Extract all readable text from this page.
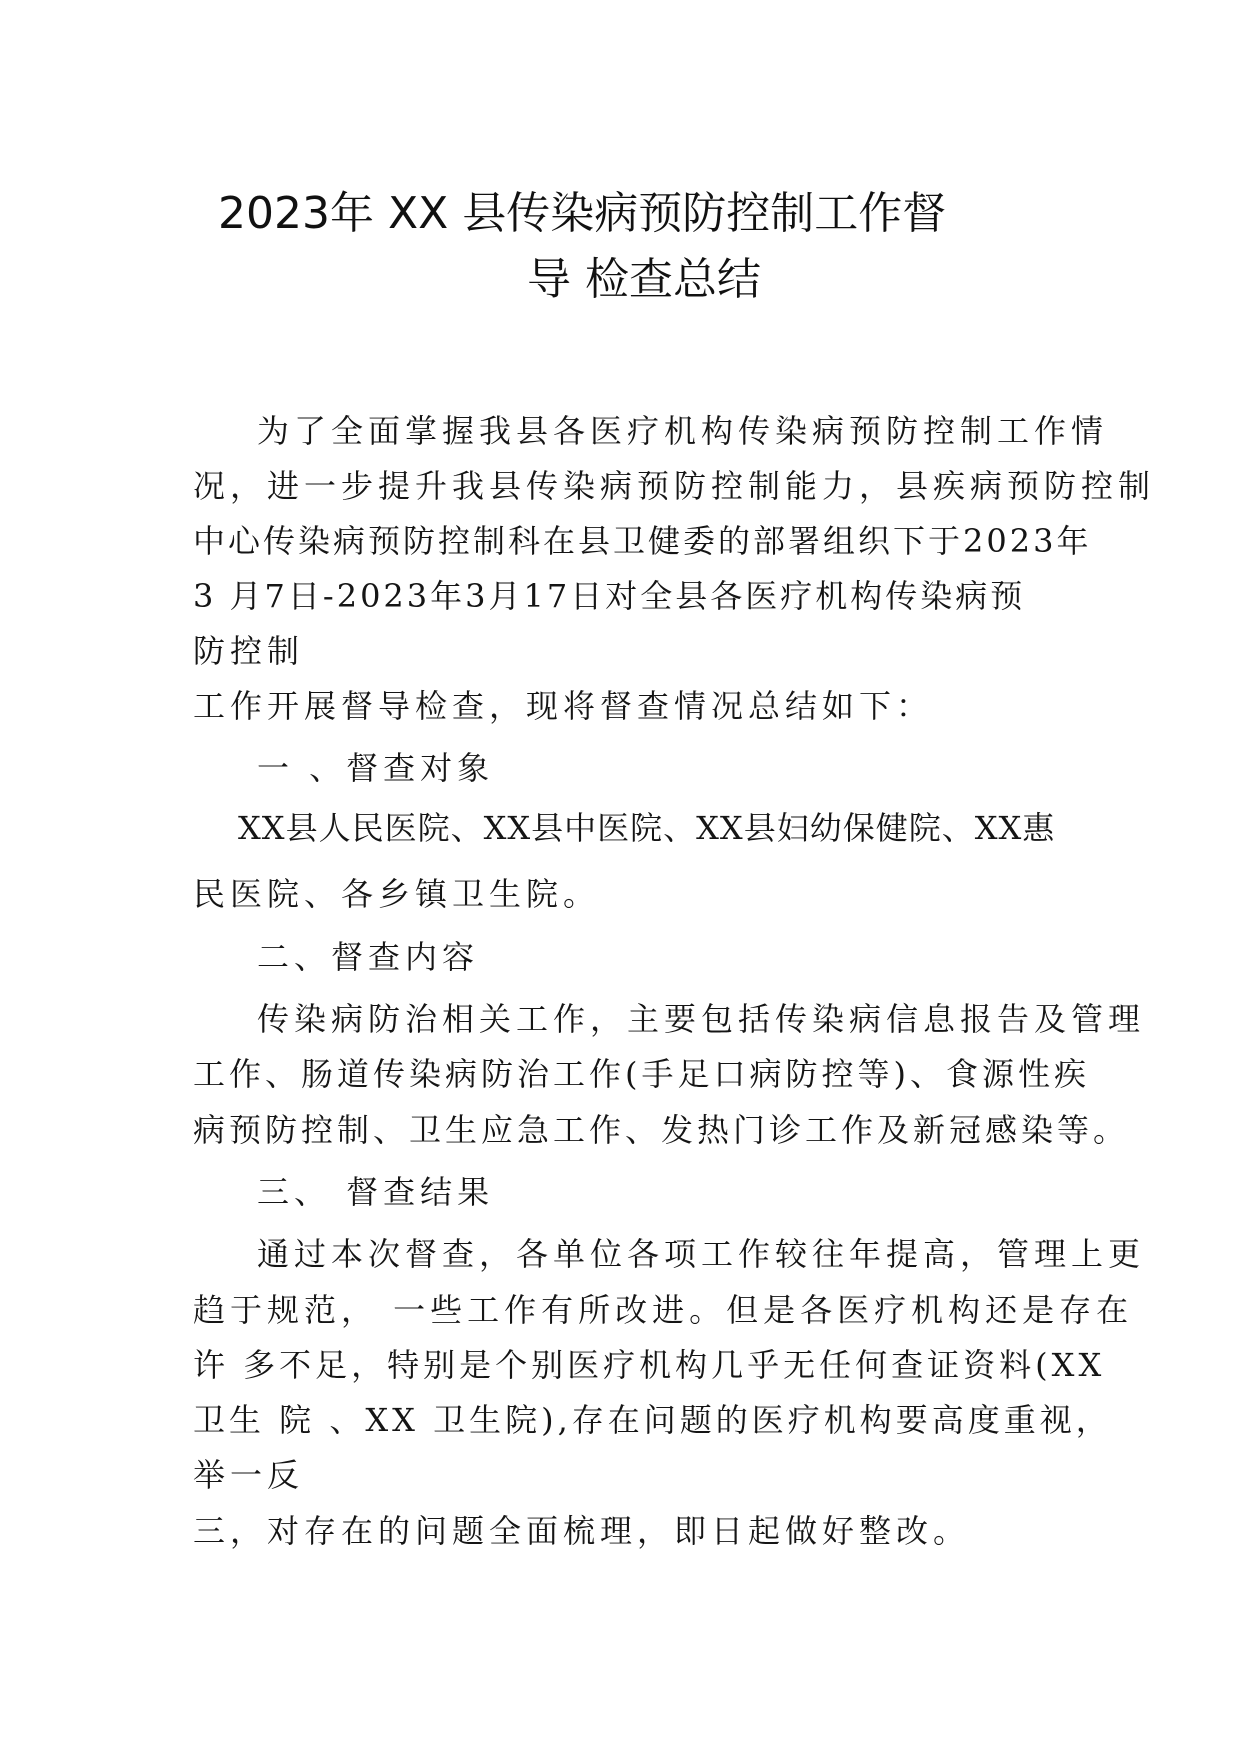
2023年 XX 县传染病预防控制工作督
导 检查总结
为了全面掌握我县各医疗机构传染病预防控制工作情
况，进一步提升我县传染病预防控制能力，县疾病预防控制
中心传染病预防控制科在县卫健委的部署组织下于2023年
3 月7日-2023年3月17日对全县各医疗机构传染病预
防控制
工作开展督导检查，现将督查情况总结如下：
一 、督查对象
XX县人民医院、XX县中医院、XX县妇幼保健院、XX惠
民医院、各乡镇卫生院。
二、督查内容
传染病防治相关工作，主要包括传染病信息报告及管理
工作、肠道传染病防治工作(手足口病防控等)、食源性疾
病预防控制、卫生应急工作、发热门诊工作及新冠感染等。
三、 督查结果
通过本次督查，各单位各项工作较往年提高，管理上更
趋于规范， 一些工作有所改进。但是各医疗机构还是存在
许 多不足，特别是个别医疗机构几乎无任何查证资料(XX
卫生 院 、XX 卫生院),存在问题的医疗机构要高度重视，
举一反
三，对存在的问题全面梳理，即日起做好整改。
